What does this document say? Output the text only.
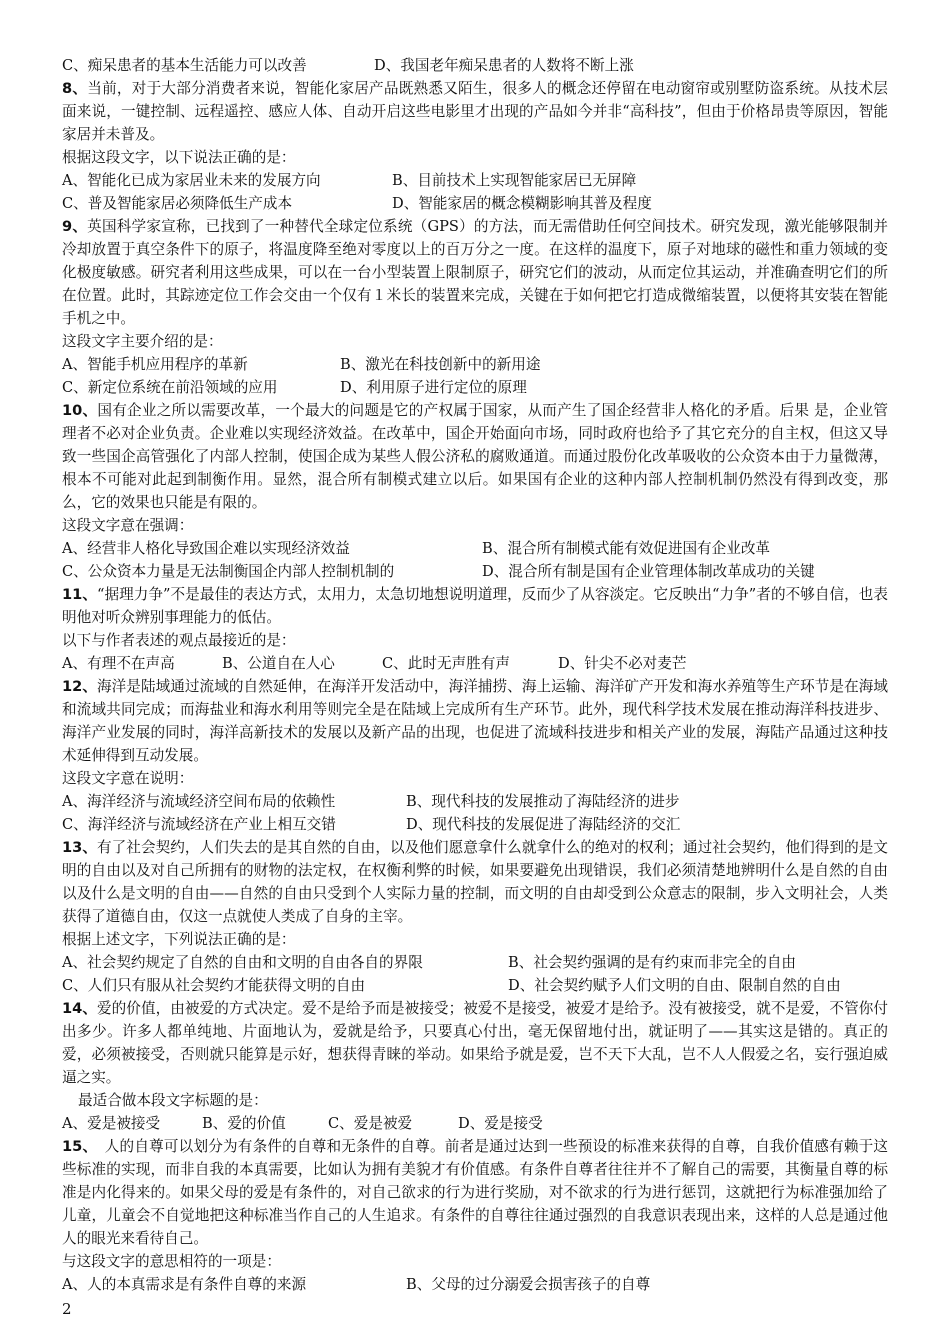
C、痴呆患者的基本生活能力可以改善	D、我国老年痴呆患者的人数将不断上涨

8、当前，对于大部分消费者来说，智能化家居产品既熟悉又陌生，很多人的概念还停留在电动窗帘或别墅防盗系统。从技术层面来说，一键控制、远程遥控、感应人体、自动开启这些电影里才出现的产品如今并非“高科技”，但由于价格昂贵等原因，智能家居并未普及。

根据这段文字，以下说法正确的是：

A、智能化已成为家居业未来的发展方向	B、目前技术上实现智能家居已无屏障

C、普及智能家居必须降低生产成本	D、智能家居的概念模糊影响其普及程度

9、英国科学家宣称，已找到了一种替代全球定位系统（GPS）的方法，而无需借助任何空间技术。研究发现，激光能够限制并冷却放置于真空条件下的原子，将温度降至绝对零度以上的百万分之一度。在这样的温度下，原子对地球的磁性和重力领域的变化极度敏感。研究者利用这些成果，可以在一台小型装置上限制原子，研究它们的波动，从而定位其运动，并准确查明它们的所在位置。此时，其踪迹定位工作会交由一个仅有１米长的装置来完成，关键在于如何把它打造成微缩装置，以便将其安装在智能手机之中。

这段文字主要介绍的是：

A、智能手机应用程序的革新	B、激光在科技创新中的新用途

C、新定位系统在前沿领域的应用	D、利用原子进行定位的原理

10、国有企业之所以需要改革，一个最大的问题是它的产权属于国家，从而产生了国企经营非人格化的矛盾。后果 是，企业管理者不必对企业负责。企业难以实现经济效益。在改革中，国企开始面向市场，同时政府也给予了其它充分的自主权，但这又导致一些国企高管强化了内部人控制，使国企成为某些人假公济私的腐败通道。而通过股份化改革吸收的公众资本由于力量微薄，根本不可能对此起到制衡作用。显然，混合所有制模式建立以后。如果国有企业的这种内部人控制机制仍然没有得到改变，那么，它的效果也只能是有限的。

这段文字意在强调：

A、经营非人格化导致国企难以实现经济效益	B、混合所有制模式能有效促进国有企业改革

C、公众资本力量是无法制衡国企内部人控制机制的	D、混合所有制是国有企业管理体制改革成功的关键

11、“据理力争”不是最佳的表达方式，太用力，太急切地想说明道理，反而少了从容淡定。它反映出“力争”者的不够自信，也表明他对听众辨别事理能力的低估。

以下与作者表述的观点最接近的是：

A、有理不在声高	B、公道自在人心	C、此时无声胜有声	D、针尖不必对麦芒

12、海洋是陆域通过流域的自然延伸，在海洋开发活动中，海洋捕捞、海上运输、海洋矿产开发和海水养殖等生产环节是在海域和流域共同完成；而海盐业和海水利用等则完全是在陆域上完成所有生产环节。此外，现代科学技术发展在推动海洋科技进步、海洋产业发展的同时，海洋高新技术的发展以及新产品的出现，也促进了流域科技进步和相关产业的发展，海陆产品通过这种技术延伸得到互动发展。

这段文字意在说明：

A、海洋经济与流域经济空间布局的依赖性	B、现代科技的发展推动了海陆经济的进步

C、海洋经济与流域经济在产业上相互交错	D、现代科技的发展促进了海陆经济的交汇

13、有了社会契约，人们失去的是其自然的自由，以及他们愿意拿什么就拿什么的绝对的权利；通过社会契约，他们得到的是文明的自由以及对自己所拥有的财物的法定权，在权衡利弊的时候，如果要避免出现错误，我们必须清楚地辨明什么是自然的自由以及什么是文明的自由——自然的自由只受到个人实际力量的控制，而文明的自由却受到公众意志的限制，步入文明社会，人类获得了道德自由，仅这一点就使人类成了自身的主宰。

根据上述文字，下列说法正确的是：

A、社会契约规定了自然的自由和文明的自由各自的界限	B、社会契约强调的是有约束而非完全的自由

C、人们只有服从社会契约才能获得文明的自由	D、社会契约赋予人们文明的自由、限制自然的自由

14、爱的价值，由被爱的方式决定。爱不是给予而是被接受；被爱不是接受，被爱才是给予。没有被接受，就不是爱，不管你付出多少。许多人都单纯地、片面地认为，爱就是给予，只要真心付出，毫无保留地付出，就证明了——其实这是错的。真正的爱，必须被接受，否则就只能算是示好，想获得青睐的举动。如果给予就是爱，岂不天下大乱，岂不人人假爱之名，妄行强迫威逼之实。

最适合做本段文字标题的是：

A、爱是被接受	B、爱的价值	C、爱是被爱	D、爱是接受

15、　人的自尊可以划分为有条件的自尊和无条件的自尊。前者是通过达到一些预设的标准来获得的自尊，自我价值感有赖于这些标准的实现，而非自我的本真需要，比如认为拥有美貌才有价值感。有条件自尊者往往并不了解自己的需要，其衡量自尊的标准是内化得来的。如果父母的爱是有条件的，对自己欲求的行为进行奖励，对不欲求的行为进行惩罚，这就把行为标准强加给了儿童，儿童会不自觉地把这种标准当作自己的人生追求。有条件的自尊往往通过强烈的自我意识表现出来，这样的人总是通过他人的眼光来看待自己。

与这段文字的意思相符的一项是：

A、人的本真需求是有条件自尊的来源	B、父母的过分溺爱会损害孩子的自尊

2
